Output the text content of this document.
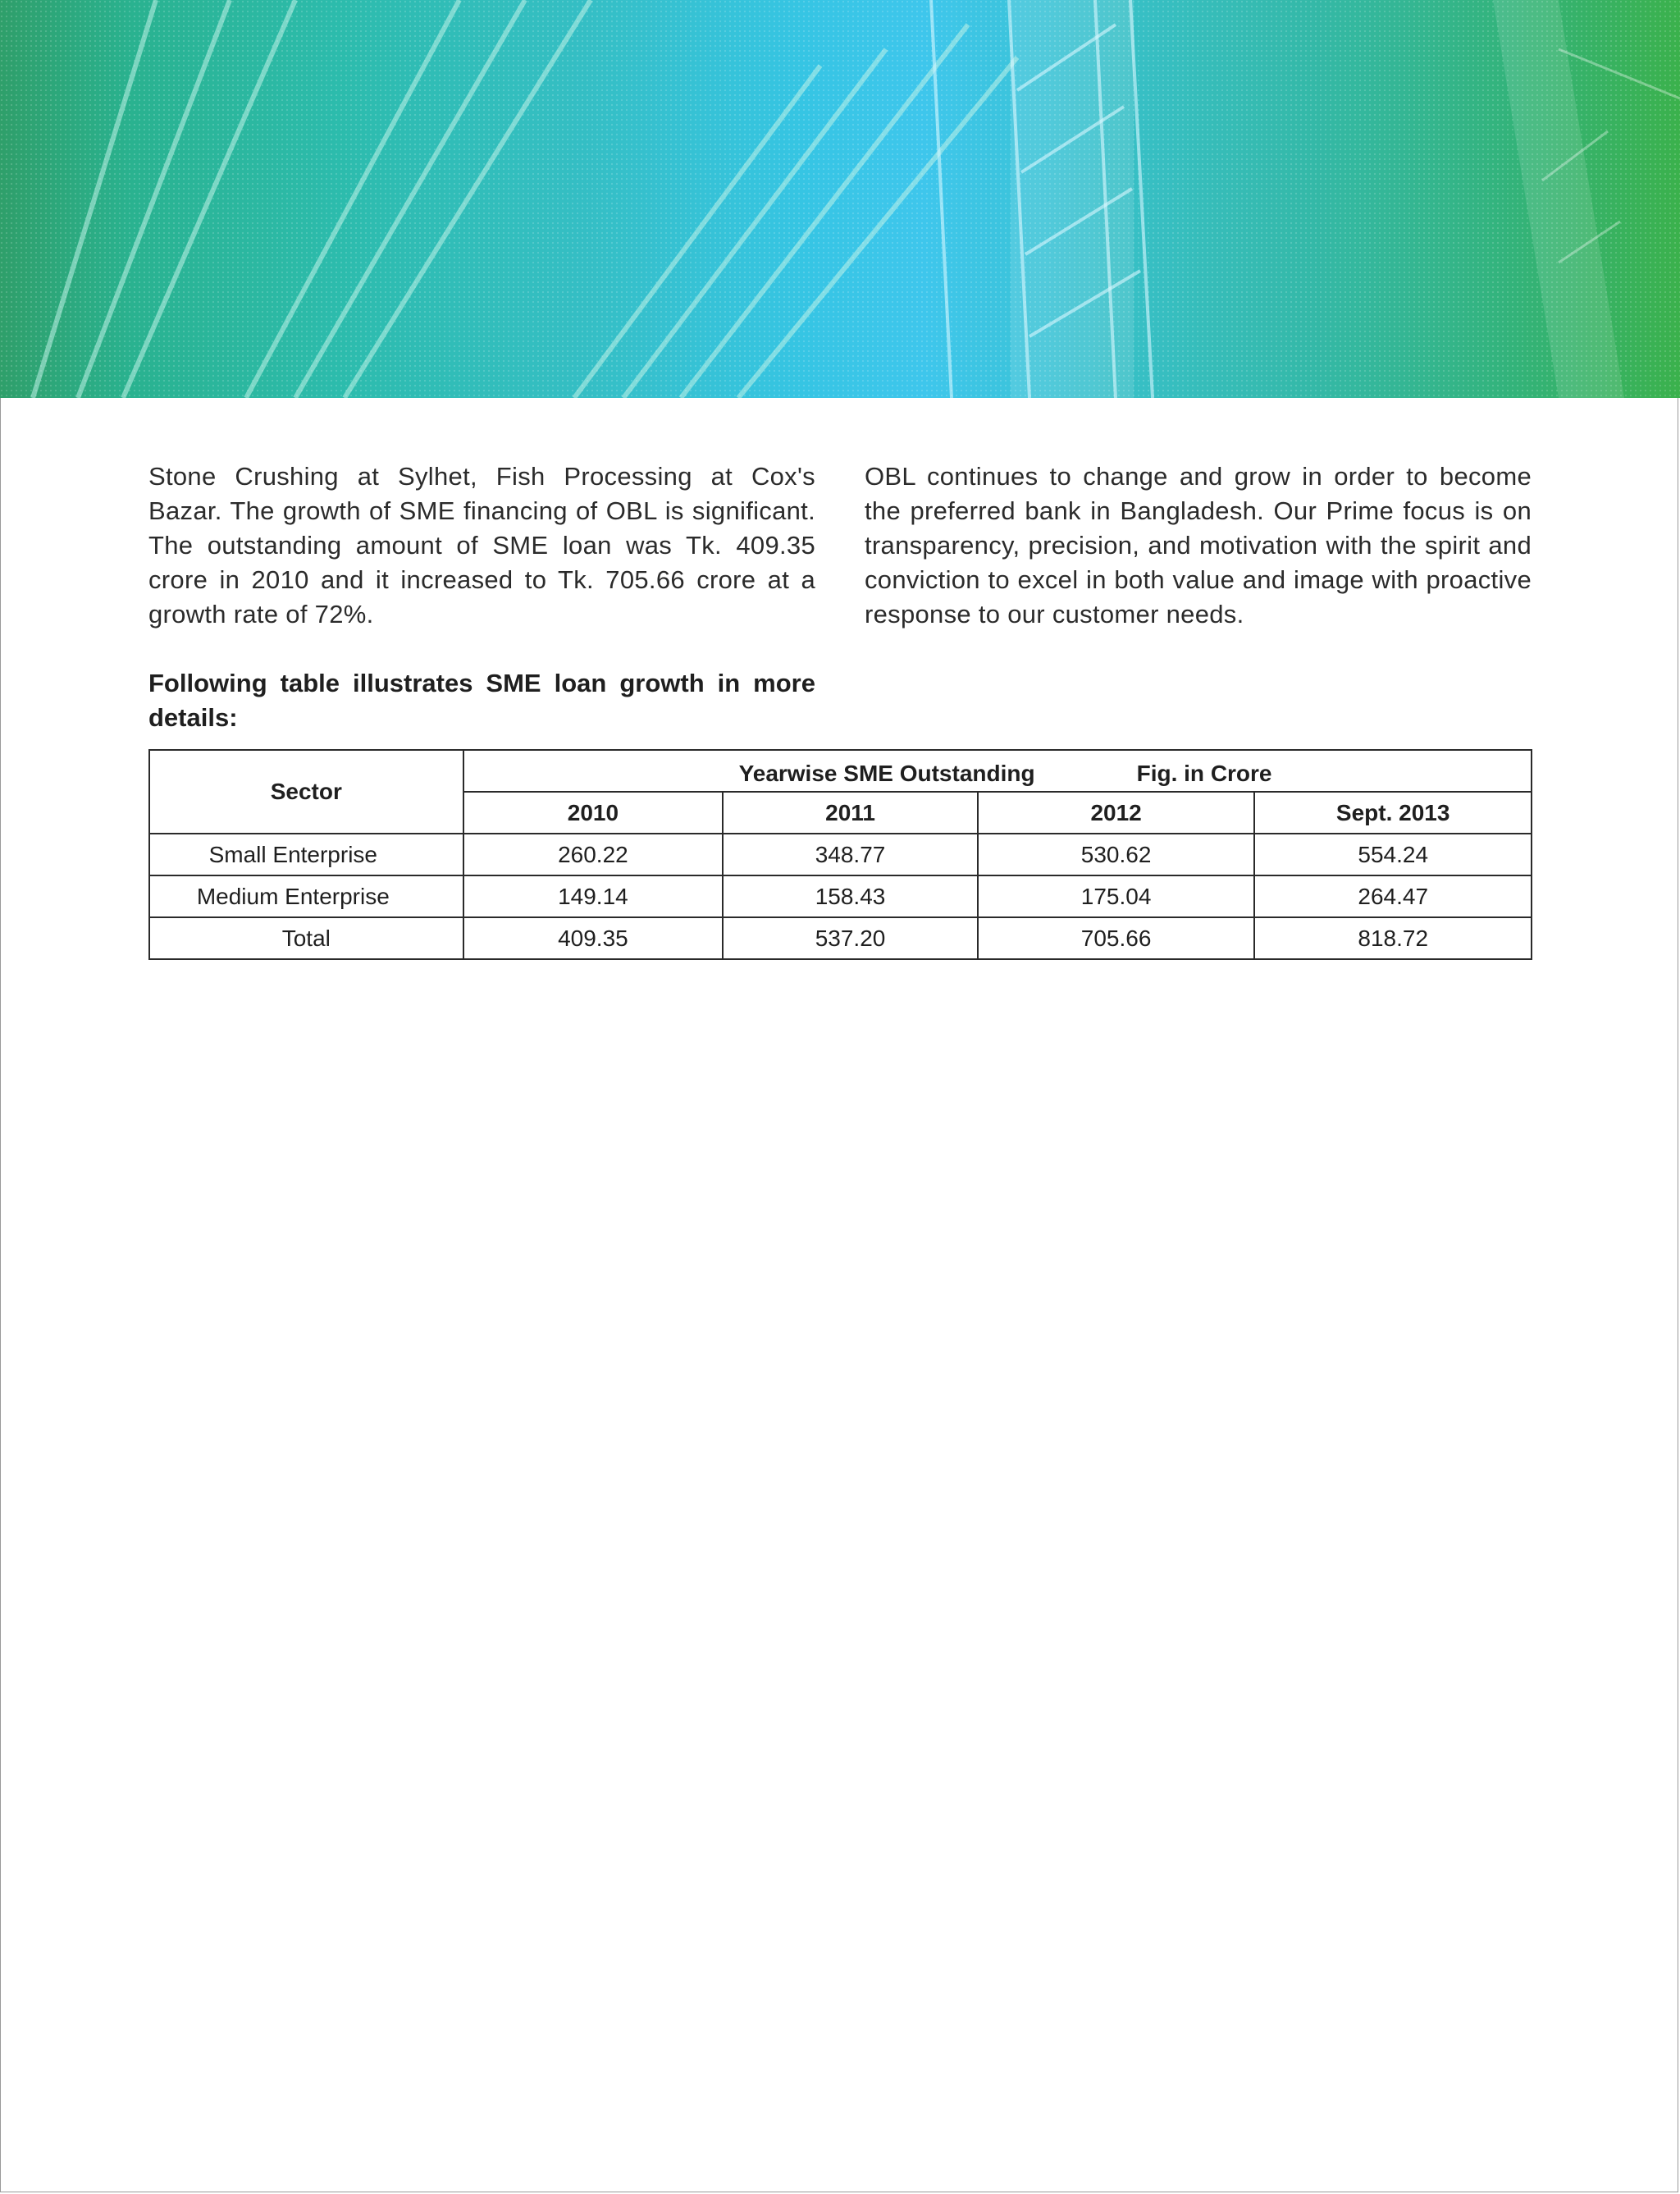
Stone Crushing at Sylhet, Fish Processing at Cox's Bazar. The growth of SME financing of OBL is significant. The outstanding amount of SME loan was Tk. 409.35 crore in 2010 and it increased to Tk. 705.66 crore at a growth rate of 72%.
OBL continues to change and grow in order to become the preferred bank in Bangladesh. Our Prime focus is on transparency, precision, and motivation with the spirit and conviction to excel in both value and image with proactive response to our customer needs.
Following table illustrates SME loan growth in more details:
Sector	Yearwise SME Outstanding Fig. in Crore			

	2010	2011	2012	Sept. 2013
Small Enterprise	260.22	348.77	530.62	554.24
Medium Enterprise	149.14	158.43	175.04	264.47
Total	409.35	537.20	705.66	818.72
